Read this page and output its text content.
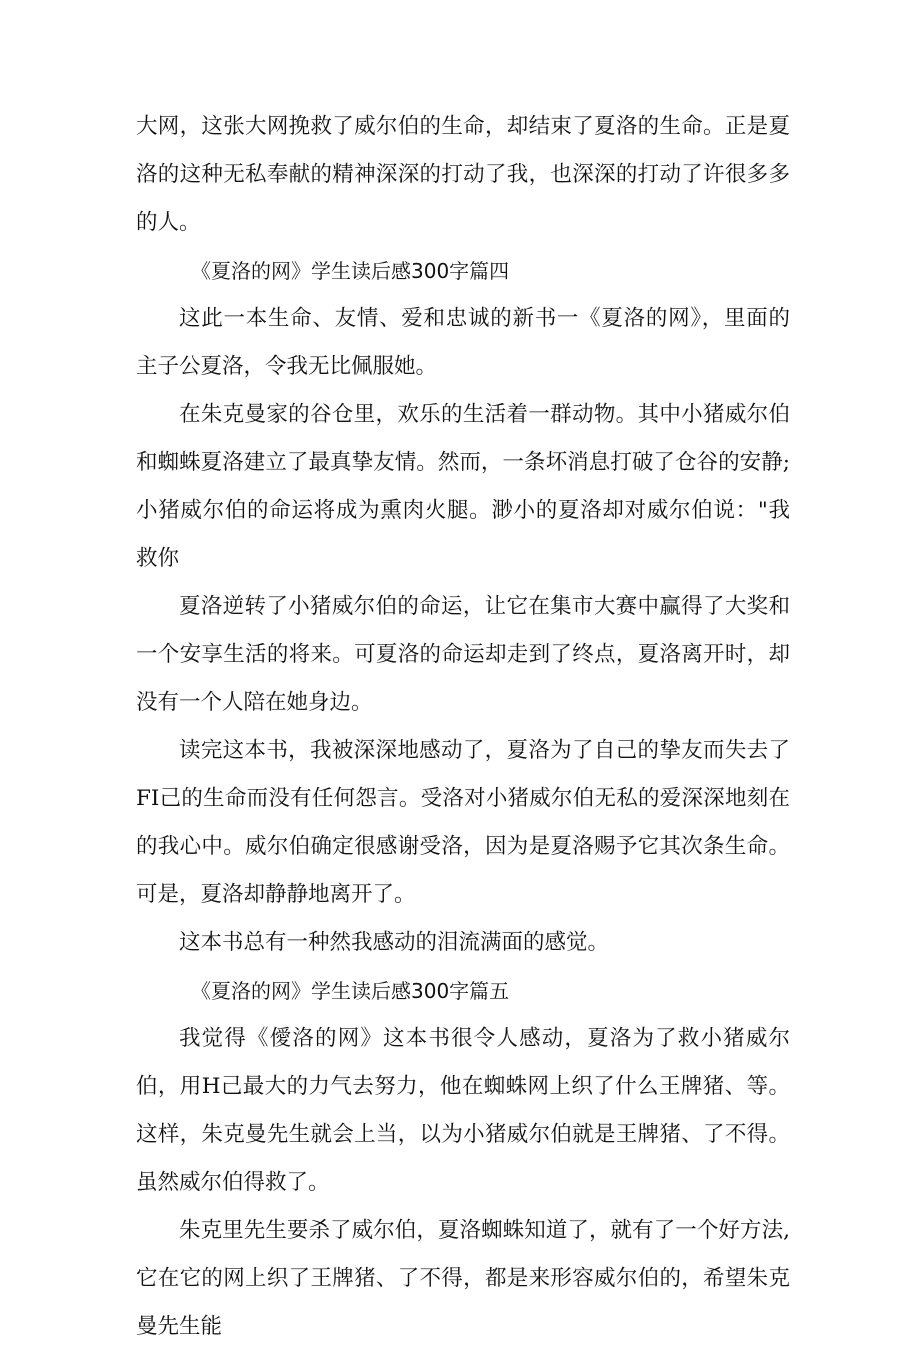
大网，这张大网挽救了威尔伯的生命，却结束了夏洛的生命。正是夏洛的这种无私奉献的精神深深的打动了我，也深深的打动了许很多多的人。

《夏洛的网》学生读后感300字篇四

这此一本生命、友情、爱和忠诚的新书一《夏洛的网》，里面的主子公夏洛，令我无比佩服她。

在朱克曼家的谷仓里，欢乐的生活着一群动物。其中小猪威尔伯和蜘蛛夏洛建立了最真挚友情。然而，一条坏消息打破了仓谷的安静;小猪威尔伯的命运将成为熏肉火腿。渺小的夏洛却对威尔伯说："我救你

夏洛逆转了小猪威尔伯的命运，让它在集市大赛中赢得了大奖和一个安享生活的将来。可夏洛的命运却走到了终点，夏洛离开时，却没有一个人陪在她身边。

读完这本书，我被深深地感动了，夏洛为了自己的挚友而失去了FI己的生命而没有任何怨言。受洛对小猪威尔伯无私的爱深深地刻在的我心中。威尔伯确定很感谢受洛，因为是夏洛赐予它其次条生命。可是，夏洛却静静地离开了。

这本书总有一种然我感动的泪流满面的感觉。

《夏洛的网》学生读后感300字篇五

我觉得《僾洛的网》这本书很令人感动，夏洛为了救小猪威尔伯，用H己最大的力气去努力，他在蜘蛛网上织了什么王牌猪、等。这样，朱克曼先生就会上当，以为小猪威尔伯就是王牌猪、了不得。虽然威尔伯得救了。

朱克里先生要杀了威尔伯，夏洛蜘蛛知道了，就有了一个好方法,它在它的网上织了王牌猪、了不得，都是来形容威尔伯的，希望朱克曼先生能
